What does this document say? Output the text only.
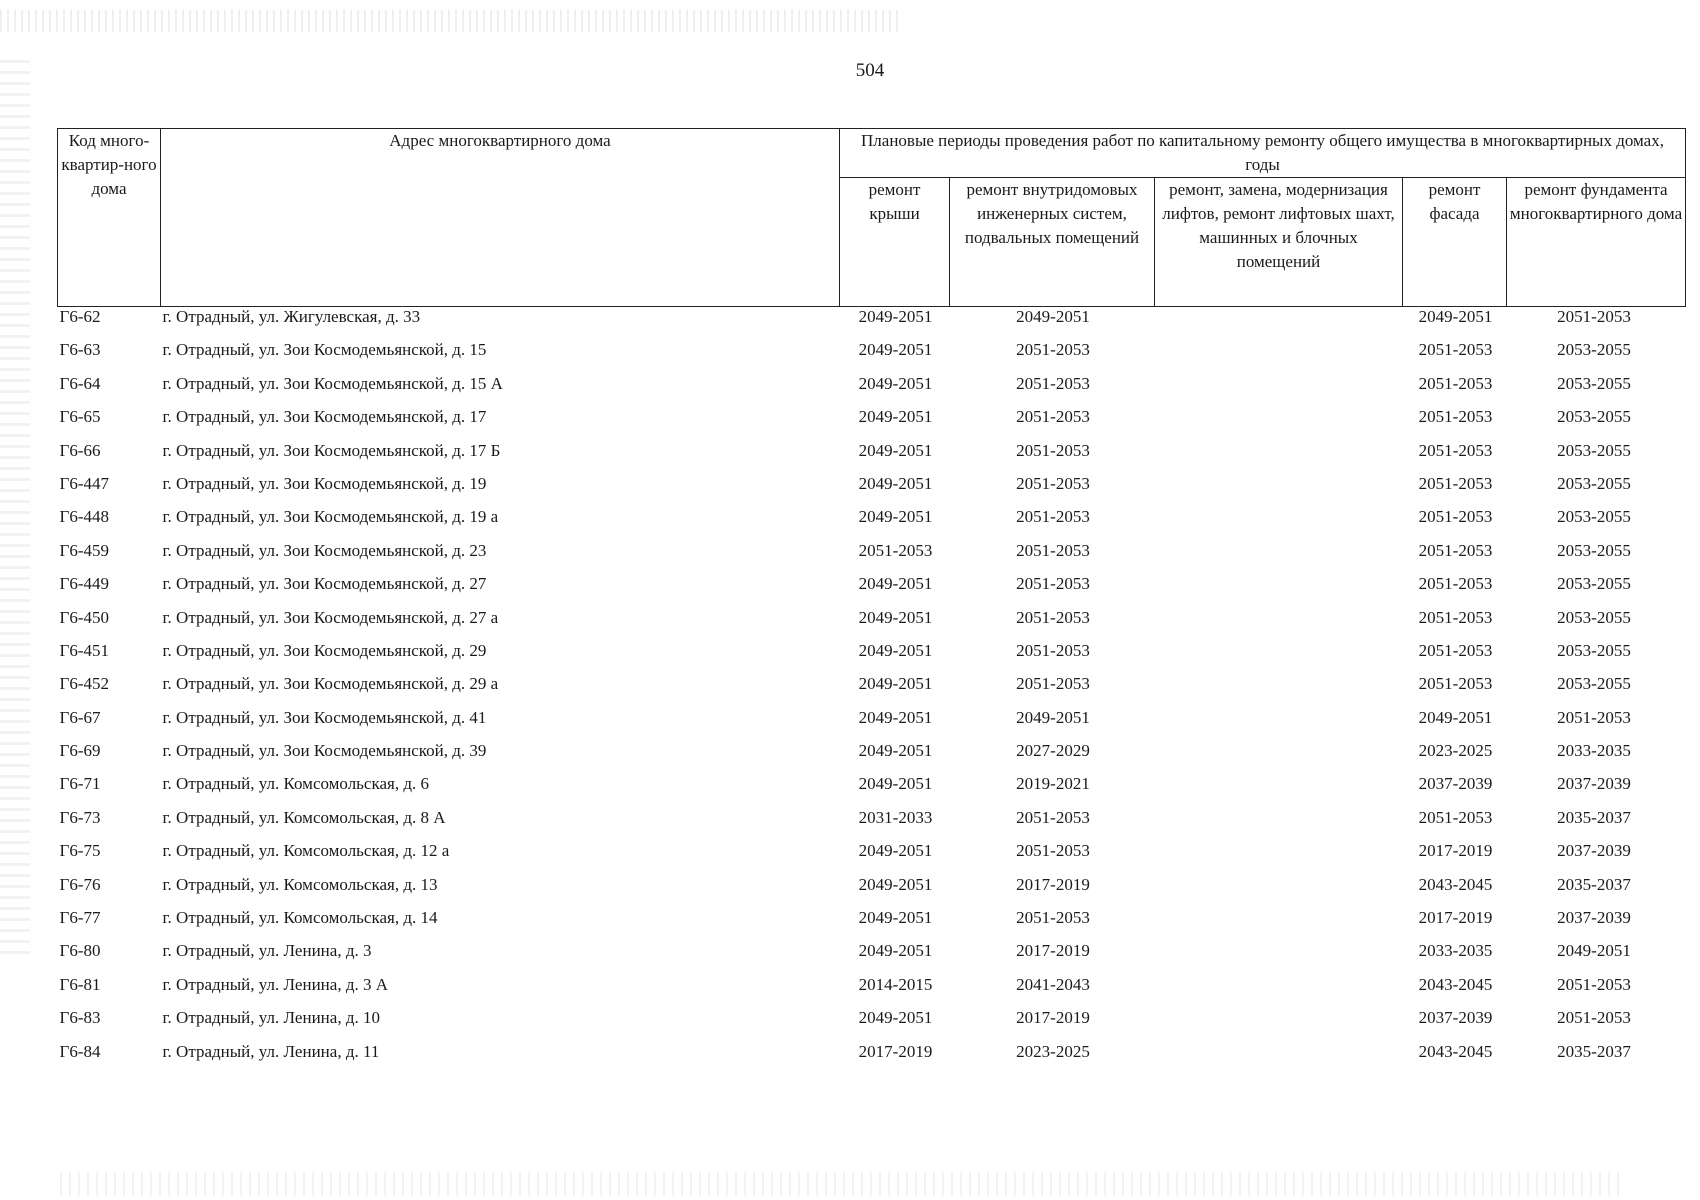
504
Код много-квартир-ного дома	Адрес многоквартирного дома	Плановые периоды проведения работ по капитальному ремонту общего имущества в многоквартирных домах, годы				
		ремонт крыши	ремонт внутридомовых инженерных систем, подвальных помещений	ремонт, замена, модернизация лифтов, ремонт лифтовых шахт, машинных и блочных помещений	ремонт фасада	ремонт фундамента многоквартирного дома
Г6-62	г. Отрадный, ул. Жигулевская, д. 33	2049-2051	2049-2051		2049-2051	2051-2053
Г6-63	г. Отрадный, ул. Зои Космодемьянской, д. 15	2049-2051	2051-2053		2051-2053	2053-2055
Г6-64	г. Отрадный, ул. Зои Космодемьянской, д. 15 А	2049-2051	2051-2053		2051-2053	2053-2055
Г6-65	г. Отрадный, ул. Зои Космодемьянской, д. 17	2049-2051	2051-2053		2051-2053	2053-2055
Г6-66	г. Отрадный, ул. Зои Космодемьянской, д. 17 Б	2049-2051	2051-2053		2051-2053	2053-2055
Г6-447	г. Отрадный, ул. Зои Космодемьянской, д. 19	2049-2051	2051-2053		2051-2053	2053-2055
Г6-448	г. Отрадный, ул. Зои Космодемьянской, д. 19 а	2049-2051	2051-2053		2051-2053	2053-2055
Г6-459	г. Отрадный, ул. Зои Космодемьянской, д. 23	2051-2053	2051-2053		2051-2053	2053-2055
Г6-449	г. Отрадный, ул. Зои Космодемьянской, д. 27	2049-2051	2051-2053		2051-2053	2053-2055
Г6-450	г. Отрадный, ул. Зои Космодемьянской, д. 27 а	2049-2051	2051-2053		2051-2053	2053-2055
Г6-451	г. Отрадный, ул. Зои Космодемьянской, д. 29	2049-2051	2051-2053		2051-2053	2053-2055
Г6-452	г. Отрадный, ул. Зои Космодемьянской, д. 29 а	2049-2051	2051-2053		2051-2053	2053-2055
Г6-67	г. Отрадный, ул. Зои Космодемьянской, д. 41	2049-2051	2049-2051		2049-2051	2051-2053
Г6-69	г. Отрадный, ул. Зои Космодемьянской, д. 39	2049-2051	2027-2029		2023-2025	2033-2035
Г6-71	г. Отрадный, ул. Комсомольская, д. 6	2049-2051	2019-2021		2037-2039	2037-2039
Г6-73	г. Отрадный, ул. Комсомольская, д. 8 А	2031-2033	2051-2053		2051-2053	2035-2037
Г6-75	г. Отрадный, ул. Комсомольская, д. 12 а	2049-2051	2051-2053		2017-2019	2037-2039
Г6-76	г. Отрадный, ул. Комсомольская, д. 13	2049-2051	2017-2019		2043-2045	2035-2037
Г6-77	г. Отрадный, ул. Комсомольская, д. 14	2049-2051	2051-2053		2017-2019	2037-2039
Г6-80	г. Отрадный, ул. Ленина, д. 3	2049-2051	2017-2019		2033-2035	2049-2051
Г6-81	г. Отрадный, ул. Ленина, д. 3 А	2014-2015	2041-2043		2043-2045	2051-2053
Г6-83	г. Отрадный, ул. Ленина, д. 10	2049-2051	2017-2019		2037-2039	2051-2053
Г6-84	г. Отрадный, ул. Ленина, д. 11	2017-2019	2023-2025		2043-2045	2035-2037
